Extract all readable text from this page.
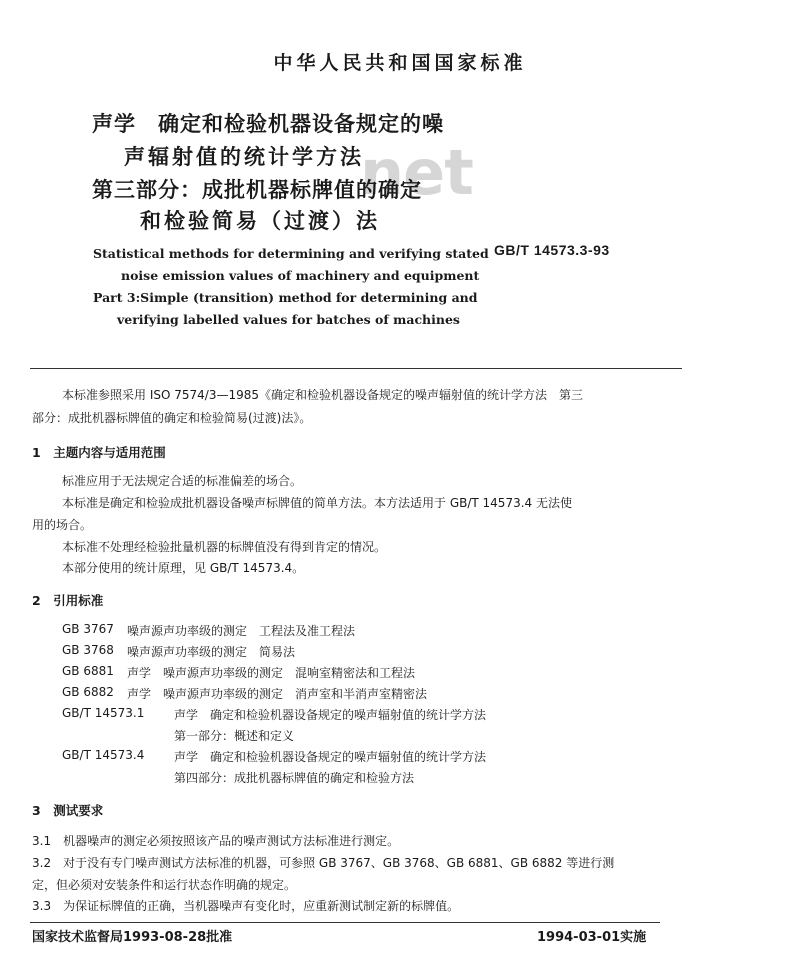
中华人民共和国国家标准
net
声学　确定和检验机器设备规定的噪
声辐射值的统计学方法
第三部分：成批机器标牌值的确定
和检验简易（过渡）法
Statistical methods for determining and verifying stated
noise emission values of machinery and equipment
Part 3:Simple (transition) method for determining and
verifying labelled values for batches of machines
GB/T 14573.3-93
本标准参照采用 ISO 7574/3—1985《确定和检验机器设备规定的噪声辐射值的统计学方法　第三
部分：成批机器标牌值的确定和检验简易(过渡)法》。
1　主题内容与适用范围
标准应用于无法规定合适的标准偏差的场合。
本标准是确定和检验成批机器设备噪声标牌值的简单方法。本方法适用于 GB/T 14573.4 无法使
用的场合。
本标准不处理经检验批量机器的标牌值没有得到肯定的情况。
本部分使用的统计原理，见 GB/T 14573.4。
2　引用标准
GB 3767 噪声源声功率级的测定　工程法及准工程法
GB 3768 噪声源声功率级的测定　简易法
GB 6881 声学　噪声源声功率级的测定　混响室精密法和工程法
GB 6882 声学　噪声源声功率级的测定　消声室和半消声室精密法
GB/T 14573.1 声学　确定和检验机器设备规定的噪声辐射值的统计学方法
第一部分：概述和定义
GB/T 14573.4 声学　确定和检验机器设备规定的噪声辐射值的统计学方法
第四部分：成批机器标牌值的确定和检验方法
3　测试要求
3.1　机器噪声的测定必须按照该产品的噪声测试方法标准进行测定。
3.2　对于没有专门噪声测试方法标准的机器，可参照 GB 3767、GB 3768、GB 6881、GB 6882 等进行测
定，但必须对安装条件和运行状态作明确的规定。
3.3　为保证标牌值的正确，当机器噪声有变化时，应重新测试制定新的标牌值。
国家技术监督局1993-08-28批准	1994-03-01实施
